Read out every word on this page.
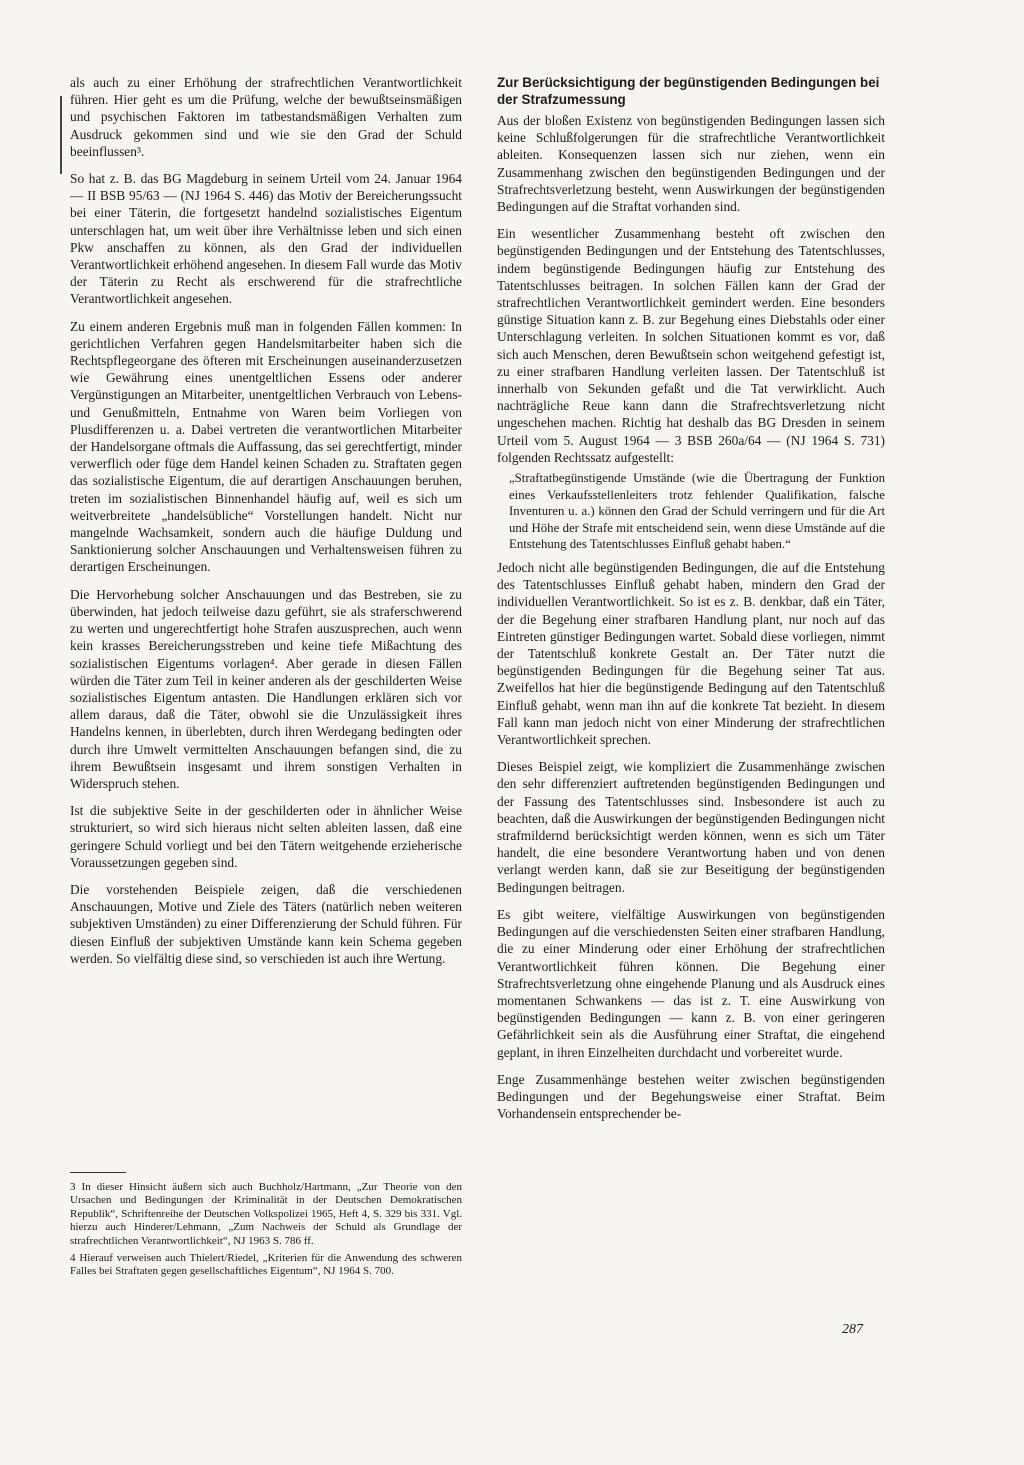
als auch zu einer Erhöhung der strafrechtlichen Verantwortlichkeit führen. Hier geht es um die Prüfung, welche der bewußtseinsmäßigen und psychischen Faktoren im tatbestandsmäßigen Verhalten zum Ausdruck gekommen sind und wie sie den Grad der Schuld beeinflussen³.

So hat z. B. das BG Magdeburg in seinem Urteil vom 24. Januar 1964 — II BSB 95/63 — (NJ 1964 S. 446) das Motiv der Bereicherungssucht bei einer Täterin, die fortgesetzt handelnd sozialistisches Eigentum unterschlagen hat, um weit über ihre Verhältnisse leben und sich einen Pkw anschaffen zu können, als den Grad der individuellen Verantwortlichkeit erhöhend angesehen. In diesem Fall wurde das Motiv der Täterin zu Recht als erschwerend für die strafrechtliche Verantwortlichkeit angesehen.

Zu einem anderen Ergebnis muß man in folgenden Fällen kommen: In gerichtlichen Verfahren gegen Handelsmitarbeiter haben sich die Rechtspflegeorgane des öfteren mit Erscheinungen auseinanderzusetzen wie Gewährung eines unentgeltlichen Essens oder anderer Vergünstigungen an Mitarbeiter, unentgeltlichen Verbrauch von Lebens- und Genußmitteln, Entnahme von Waren beim Vorliegen von Plusdifferenzen u. a. Dabei vertreten die verantwortlichen Mitarbeiter der Handelsorgane oftmals die Auffassung, das sei gerechtfertigt, minder verwerflich oder füge dem Handel keinen Schaden zu. Straftaten gegen das sozialistische Eigentum, die auf derartigen Anschauungen beruhen, treten im sozialistischen Binnenhandel häufig auf, weil es sich um weitverbreitete „handelsübliche“ Vorstellungen handelt. Nicht nur mangelnde Wachsamkeit, sondern auch die häufige Duldung und Sanktionierung solcher Anschauungen und Verhaltensweisen führen zu derartigen Erscheinungen.

Die Hervorhebung solcher Anschauungen und das Bestreben, sie zu überwinden, hat jedoch teilweise dazu geführt, sie als straferschwerend zu werten und ungerechtfertigt hohe Strafen auszusprechen, auch wenn kein krasses Bereicherungsstreben und keine tiefe Mißachtung des sozialistischen Eigentums vorlagen⁴. Aber gerade in diesen Fällen würden die Täter zum Teil in keiner anderen als der geschilderten Weise sozialistisches Eigentum antasten. Die Handlungen erklären sich vor allem daraus, daß die Täter, obwohl sie die Unzulässigkeit ihres Handelns kennen, in überlebten, durch ihren Werdegang bedingten oder durch ihre Umwelt vermittelten Anschauungen befangen sind, die zu ihrem Bewußtsein insgesamt und ihrem sonstigen Verhalten in Widerspruch stehen.

Ist die subjektive Seite in der geschilderten oder in ähnlicher Weise strukturiert, so wird sich hieraus nicht selten ableiten lassen, daß eine geringere Schuld vorliegt und bei den Tätern weitgehende erzieherische Voraussetzungen gegeben sind.

Die vorstehenden Beispiele zeigen, daß die verschiedenen Anschauungen, Motive und Ziele des Täters (natürlich neben weiteren subjektiven Umständen) zu einer Differenzierung der Schuld führen. Für diesen Einfluß der subjektiven Umstände kann kein Schema gegeben werden. So vielfältig diese sind, so verschieden ist auch ihre Wertung.

3 In dieser Hinsicht äußern sich auch Buchholz/Hartmann, „Zur Theorie von den Ursachen und Bedingungen der Kriminalität in der Deutschen Demokratischen Republik“, Schriftenreihe der Deutschen Volkspolizei 1965, Heft 4, S. 329 bis 331. Vgl. hierzu auch Hinderer/Lehmann, „Zum Nachweis der Schuld als Grundlage der strafrechtlichen Verantwortlichkeit“, NJ 1963 S. 786 ff.

4 Hierauf verweisen auch Thielert/Riedel, „Kriterien für die Anwendung des schweren Falles bei Straftaten gegen gesellschaftliches Eigentum“, NJ 1964 S. 700.

Zur Berücksichtigung der begünstigenden Bedingungen bei der Strafzumessung

Aus der bloßen Existenz von begünstigenden Bedingungen lassen sich keine Schlußfolgerungen für die strafrechtliche Verantwortlichkeit ableiten. Konsequenzen lassen sich nur ziehen, wenn ein Zusammenhang zwischen den begünstigenden Bedingungen und der Strafrechtsverletzung besteht, wenn Auswirkungen der begünstigenden Bedingungen auf die Straftat vorhanden sind.

Ein wesentlicher Zusammenhang besteht oft zwischen den begünstigenden Bedingungen und der Entstehung des Tatentschlusses, indem begünstigende Bedingungen häufig zur Entstehung des Tatentschlusses beitragen. In solchen Fällen kann der Grad der strafrechtlichen Verantwortlichkeit gemindert werden. Eine besonders günstige Situation kann z. B. zur Begehung eines Diebstahls oder einer Unterschlagung verleiten. In solchen Situationen kommt es vor, daß sich auch Menschen, deren Bewußtsein schon weitgehend gefestigt ist, zu einer strafbaren Handlung verleiten lassen. Der Tatentschluß ist innerhalb von Sekunden gefaßt und die Tat verwirklicht. Auch nachträgliche Reue kann dann die Strafrechtsverletzung nicht ungeschehen machen. Richtig hat deshalb das BG Dresden in seinem Urteil vom 5. August 1964 — 3 BSB 260a/64 — (NJ 1964 S. 731) folgenden Rechtssatz aufgestellt:

„Straftatbegünstigende Umstände (wie die Übertragung der Funktion eines Verkaufsstellenleiters trotz fehlender Qualifikation, falsche Inventuren u. a.) können den Grad der Schuld verringern und für die Art und Höhe der Strafe mit entscheidend sein, wenn diese Umstände auf die Entstehung des Tatentschlusses Einfluß gehabt haben.“

Jedoch nicht alle begünstigenden Bedingungen, die auf die Entstehung des Tatentschlusses Einfluß gehabt haben, mindern den Grad der individuellen Verantwortlichkeit. So ist es z. B. denkbar, daß ein Täter, der die Begehung einer strafbaren Handlung plant, nur noch auf das Eintreten günstiger Bedingungen wartet. Sobald diese vorliegen, nimmt der Tatentschluß konkrete Gestalt an. Der Täter nutzt die begünstigenden Bedingungen für die Begehung seiner Tat aus. Zweifellos hat hier die begünstigende Bedingung auf den Tatentschluß Einfluß gehabt, wenn man ihn auf die konkrete Tat bezieht. In diesem Fall kann man jedoch nicht von einer Minderung der strafrechtlichen Verantwortlichkeit sprechen.

Dieses Beispiel zeigt, wie kompliziert die Zusammenhänge zwischen den sehr differenziert auftretenden begünstigenden Bedingungen und der Fassung des Tatentschlusses sind. Insbesondere ist auch zu beachten, daß die Auswirkungen der begünstigenden Bedingungen nicht strafmildernd berücksichtigt werden können, wenn es sich um Täter handelt, die eine besondere Verantwortung haben und von denen verlangt werden kann, daß sie zur Beseitigung der begünstigenden Bedingungen beitragen.

Es gibt weitere, vielfältige Auswirkungen von begünstigenden Bedingungen auf die verschiedensten Seiten einer strafbaren Handlung, die zu einer Minderung oder einer Erhöhung der strafrechtlichen Verantwortlichkeit führen können. Die Begehung einer Strafrechtsverletzung ohne eingehende Planung und als Ausdruck eines momentanen Schwankens — das ist z. T. eine Auswirkung von begünstigenden Bedingungen — kann z. B. von einer geringeren Gefährlichkeit sein als die Ausführung einer Straftat, die eingehend geplant, in ihren Einzelheiten durchdacht und vorbereitet wurde.

Enge Zusammenhänge bestehen weiter zwischen begünstigenden Bedingungen und der Begehungsweise einer Straftat. Beim Vorhandensein entsprechender be-

287
